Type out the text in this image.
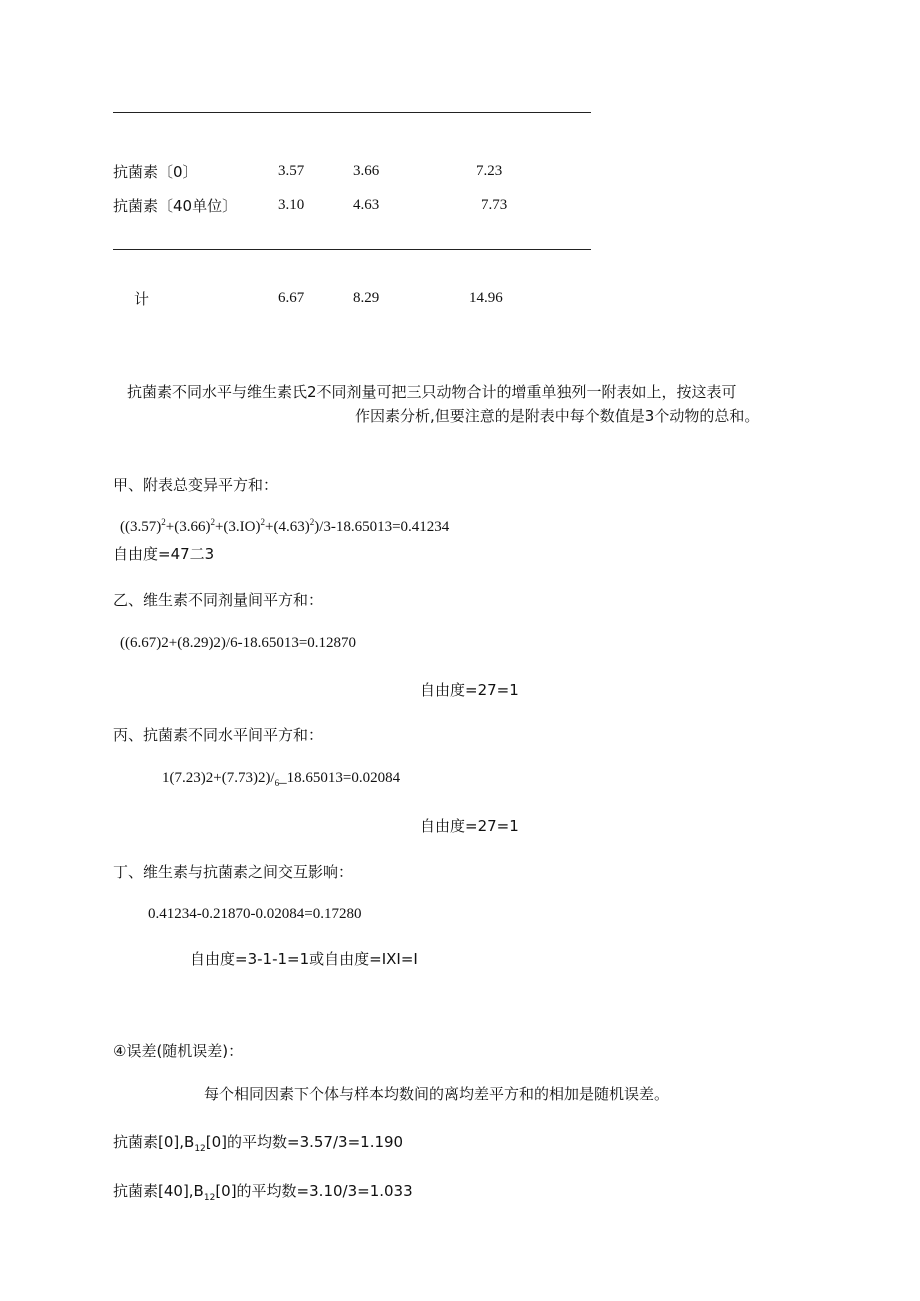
抗菌素〔0〕	3.57	3.66	7.23
抗菌素〔40单位〕	3.10	4.63	7.73
计	6.67	8.29	14.96
抗菌素不同水平与维生素氏2不同剂量可把三只动物合计的增重单独列一附表如上，按这表可
作因素分析,但要注意的是附表中每个数值是3个动物的总和。
甲、附表总变异平方和：
$((3.57)^2+(3.66)^2+(3.IO)^2+(4.63)^2)/3-18.65013=0.41234$
自由度=47二3
乙、维生素不同剂量间平方和：
((6.67)2+(8.29)2)/6-18.65013=0.12870
自由度=27=1
丙、抗菌素不同水平间平方和：
$1(7.23)2+(7.73)2)/_6\_18.65013=0.02084$
自由度=27=1
丁、维生素与抗菌素之间交互影响：
0.41234-0.21870-0.02084=0.17280
自由度=3-1-1=1或自由度=IXI=I
④误差(随机误差)：
每个相同因素下个体与样本均数间的离均差平方和的相加是随机误差。
抗菌素$[0],B_{12}[0]$的平均数=3.57/3=1.190
抗菌素$[40],B_{12}[0]$的平均数=3.10/3=1.033
